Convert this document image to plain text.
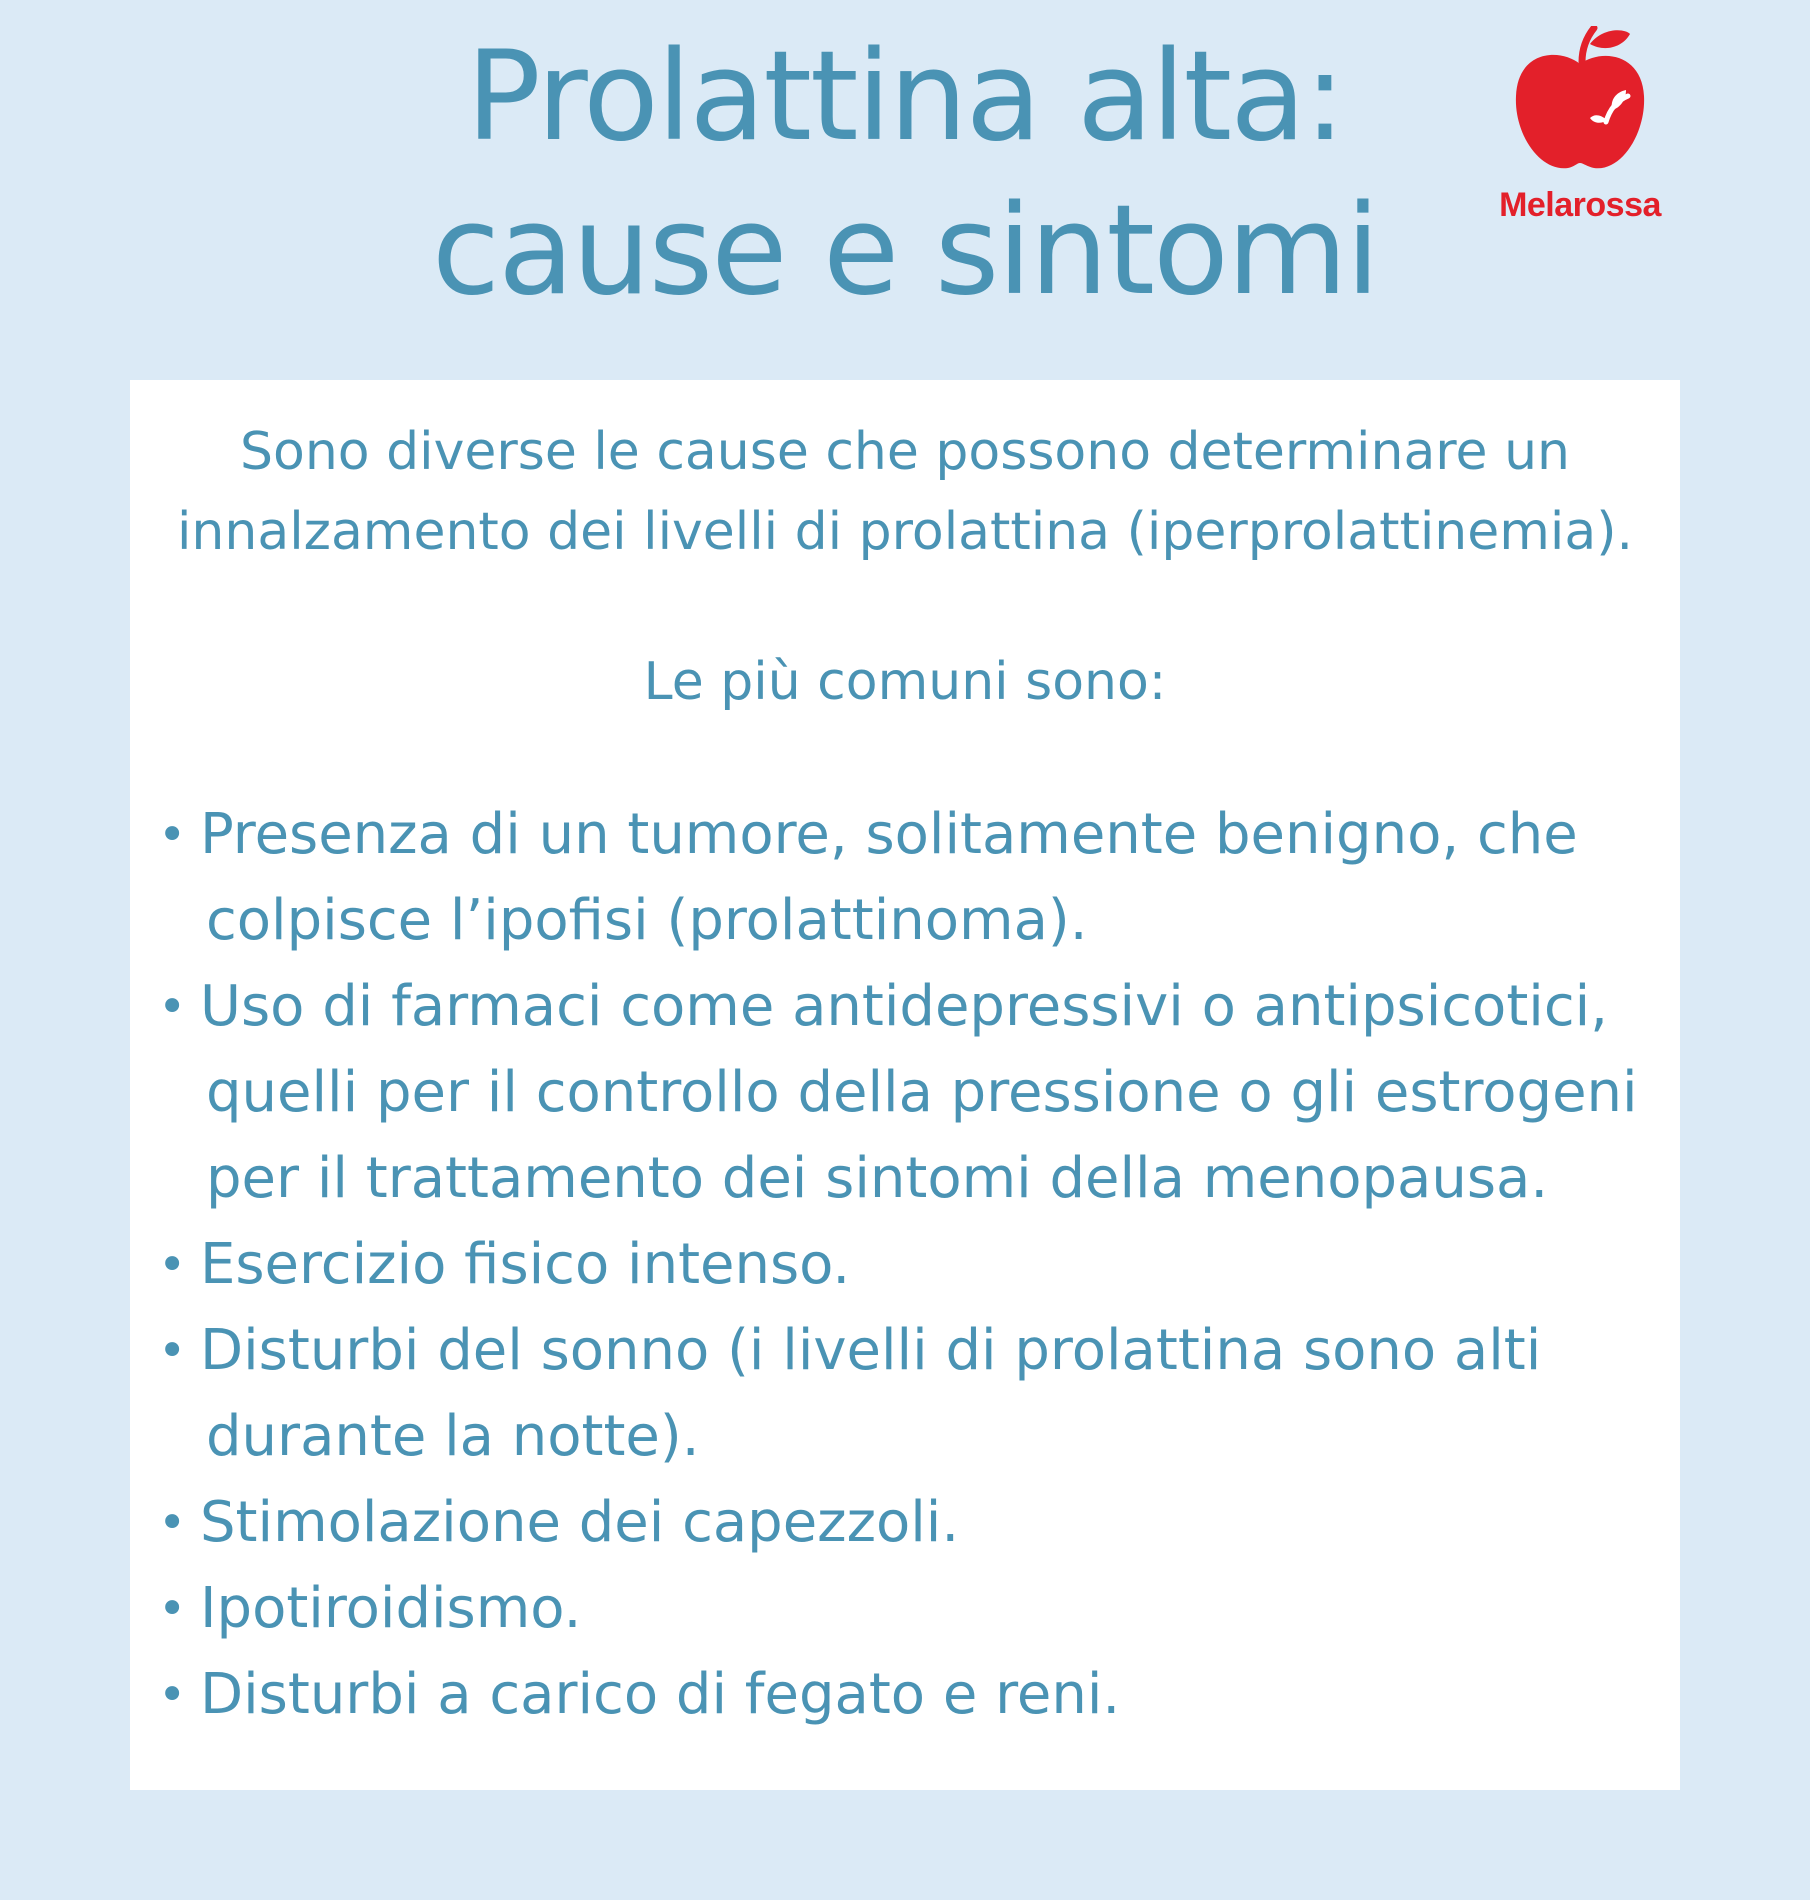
Prolattina alta:
cause e sintomi	Melarossa

Sono diverse le cause che possono determinare un
innalzamento dei livelli di prolattina (iperprolattinemia).

Le più comuni sono:

• Presenza di un tumore, solitamente benigno, che
colpisce l’ipofisi (prolattinoma).
• Uso di farmaci come antidepressivi o antipsicotici,
quelli per il controllo della pressione o gli estrogeni
per il trattamento dei sintomi della menopausa.
• Esercizio fisico intenso.
• Disturbi del sonno (i livelli di prolattina sono alti
durante la notte).
• Stimolazione dei capezzoli.
• Ipotiroidismo.
• Disturbi a carico di fegato e reni.
